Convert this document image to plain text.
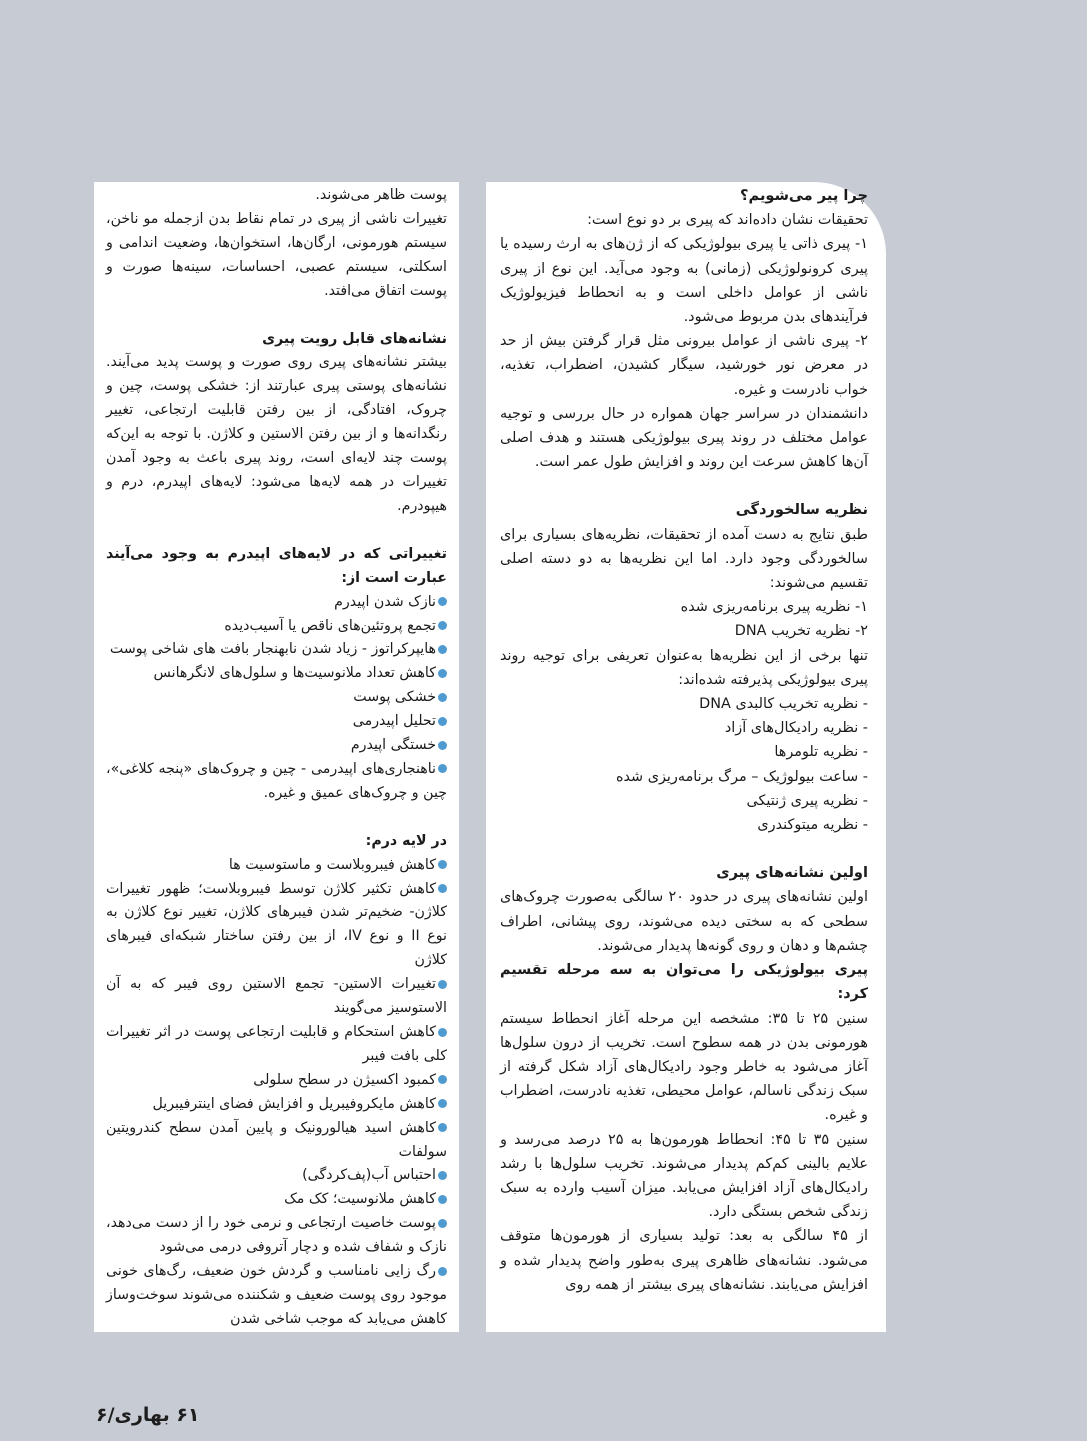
چرا پیر می‌شویم؟

تحقیقات نشان داده‌اند که پیری بر دو نوع است:

۱- پیری ذاتی یا پیری بیولوژیکی که از ژن‌های به ارث رسیده یا پیری کرونولوژیکی (زمانی) به وجود می‌آید. این نوع از پیری ناشی از عوامل داخلی است و به انحطاط فیزیولوژیک فرآیندهای بدن مربوط می‌شود.

۲- پیری ناشی از عوامل بیرونی مثل قرار گرفتن بیش از حد در معرض نور خورشید، سیگار کشیدن، اضطراب، تغذیه، خواب نادرست و غیره.

دانشمندان در سراسر جهان همواره در حال بررسی و توجیه عوامل مختلف در روند پیری بیولوژیکی هستند و هدف اصلی آن‌ها کاهش سرعت این روند و افزایش طول عمر است.

نظریه سالخوردگی

طبق نتایج به دست آمده از تحقیقات، نظریه‌های بسیاری برای سالخوردگی وجود دارد. اما این نظریه‌ها به دو دسته اصلی تقسیم می‌شوند:

۱- نظریه پیری برنامه‌ریزی شده

۲- نظریه تخریب DNA

تنها برخی از این نظریه‌ها به‌عنوان تعریفی برای توجیه روند پیری بیولوژیکی پذیرفته شده‌اند:

- نظریه تخریب کالبدی DNA

- نظریه رادیکال‌های آزاد

- نظریه تلومرها

- ساعت بیولوژیک – مرگ برنامه‌ریزی شده

- نظریه پیری ژنتیکی

- نظریه میتوکندری

اولین نشانه‌های پیری

اولین نشانه‌های پیری در حدود ۲۰ سالگی به‌صورت چروک‌های سطحی که به سختی دیده می‌شوند، روی پیشانی، اطراف چشم‌ها و دهان و روی گونه‌ها پدیدار می‌شوند.

پیری بیولوژیکی را می‌توان به سه مرحله تقسیم کرد:

سنین ۲۵ تا ۳۵: مشخصه این مرحله آغاز انحطاط سیستم هورمونی بدن در همه سطوح است. تخریب از درون سلول‌ها آغاز می‌شود به خاطر وجود رادیکال‌های آزاد شکل گرفته از سبک زندگی ناسالم، عوامل محیطی، تغذیه نادرست، اضطراب و غیره.

سنین ۳۵ تا ۴۵: انحطاط هورمون‌ها به ۲۵ درصد می‌رسد و علایم بالینی کم‌کم پدیدار می‌شوند. تخریب سلول‌ها با رشد رادیکال‌های آزاد افزایش می‌یابد. میزان آسیب وارده به سبک زندگی شخص بستگی دارد.

از ۴۵ سالگی به بعد: تولید بسیاری از هورمون‌ها متوقف می‌شود. نشانه‌های ظاهری پیری به‌طور واضح پدیدار شده و افزایش می‌یابند. نشانه‌های پیری بیشتر از همه روی

پوست ظاهر می‌شوند.

تغییرات ناشی از پیری در تمام نقاط بدن ازجمله مو ناخن، سیستم هورمونی، ارگان‌ها، استخوان‌ها، وضعیت اندامی و اسکلتی، سیستم عصبی، احساسات، سینه‌ها صورت و پوست اتفاق می‌افتد.

نشانه‌های قابل رویت پیری

بیشتر نشانه‌های پیری روی صورت و پوست پدید می‌آیند. نشانه‌های پوستی پیری عبارتند از: خشکی پوست، چین و چروک، افتادگی، از بین رفتن قابلیت ارتجاعی، تغییر رنگدانه‌ها و از بین رفتن الاستین و کلاژن. با توجه به این‌که پوست چند لایه‌ای است، روند پیری باعث به وجود آمدن تغییرات در همه لایه‌ها می‌شود: لایه‌های اپیدرم، درم و هیپودرم.

تغییراتی که در لایه‌های اپیدرم به وجود می‌آیند عبارت است از:
نازک شدن اپیدرم
تجمع پروتئین‌های ناقص یا آسیب‌دیده
هایپرکراتوز - زیاد شدن نابهنجار بافت های شاخی پوست
کاهش تعداد ملانوسیت‌ها و سلول‌های لانگرهانس
خشکی پوست
تحلیل اپیدرمی
خستگی اپیدرم
ناهنجاری‌های اپیدرمی - چین و چروک‌های «پنجه کلاغی»، چین و چروک‌های عمیق و غیره.
در لایه درم:
کاهش فیبروبلاست و ماستوسیت ها
کاهش تکثیر کلاژن توسط فیبروبلاست؛ ظهور تغییرات کلاژن- ضخیم‌تر شدن فیبرهای کلاژن، تغییر نوع کلاژن به نوع II و نوع IV، از بین رفتن ساختار شبکه‌ای فیبرهای کلاژن
تغییرات الاستین- تجمع الاستین روی فیبر که به آن الاستوسیز می‌گویند
کاهش استحکام و قابلیت ارتجاعی پوست در اثر تغییرات کلی بافت فیبر
کمبود اکسیژن در سطح سلولی
کاهش مایکروفیبریل و افزایش فضای اینترفیبریل
کاهش اسید هیالورونیک و پایین آمدن سطح کندرویتین سولفات
احتباس آب(پف‌کردگی)
کاهش ملانوسیت؛ کک مک
پوست خاصیت ارتجاعی و نرمی خود را از دست می‌دهد، نازک و شفاف شده و دچار آتروفی درمی می‌شود
رگ زایی نامناسب و گردش خون ضعیف، رگ‌های خونی موجود روی پوست ضعیف و شکننده می‌شوند سوخت‌وساز کاهش می‌یابد که موجب شاخی شدن
۶۱ بهاری/۶
